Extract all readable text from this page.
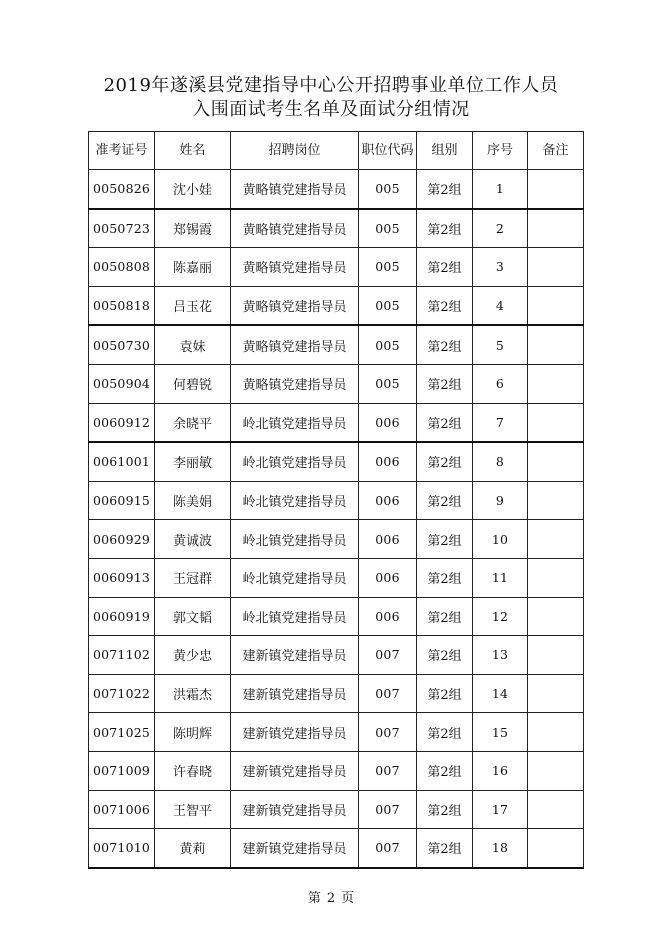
2019年遂溪县党建指导中心公开招聘事业单位工作人员
入围面试考生名单及面试分组情况
准考证号	姓名	招聘岗位	职位代码	组别	序号	备注
0050826	沈小娃	黄略镇党建指导员	005	第2组	1	
0050723	郑锡霞	黄略镇党建指导员	005	第2组	2	
0050808	陈嘉丽	黄略镇党建指导员	005	第2组	3	
0050818	吕玉花	黄略镇党建指导员	005	第2组	4	
0050730	袁妹	黄略镇党建指导员	005	第2组	5	
0050904	何碧锐	黄略镇党建指导员	005	第2组	6	
0060912	余晓平	岭北镇党建指导员	006	第2组	7	
0061001	李丽敏	岭北镇党建指导员	006	第2组	8	
0060915	陈美娟	岭北镇党建指导员	006	第2组	9	
0060929	黄诚波	岭北镇党建指导员	006	第2组	10	
0060913	王冠群	岭北镇党建指导员	006	第2组	11	
0060919	郭文韬	岭北镇党建指导员	006	第2组	12	
0071102	黄少忠	建新镇党建指导员	007	第2组	13	
0071022	洪霜杰	建新镇党建指导员	007	第2组	14	
0071025	陈明辉	建新镇党建指导员	007	第2组	15	
0071009	许春晓	建新镇党建指导员	007	第2组	16	
0071006	王智平	建新镇党建指导员	007	第2组	17	
0071010	黄莉	建新镇党建指导员	007	第2组	18	
第 2 页
